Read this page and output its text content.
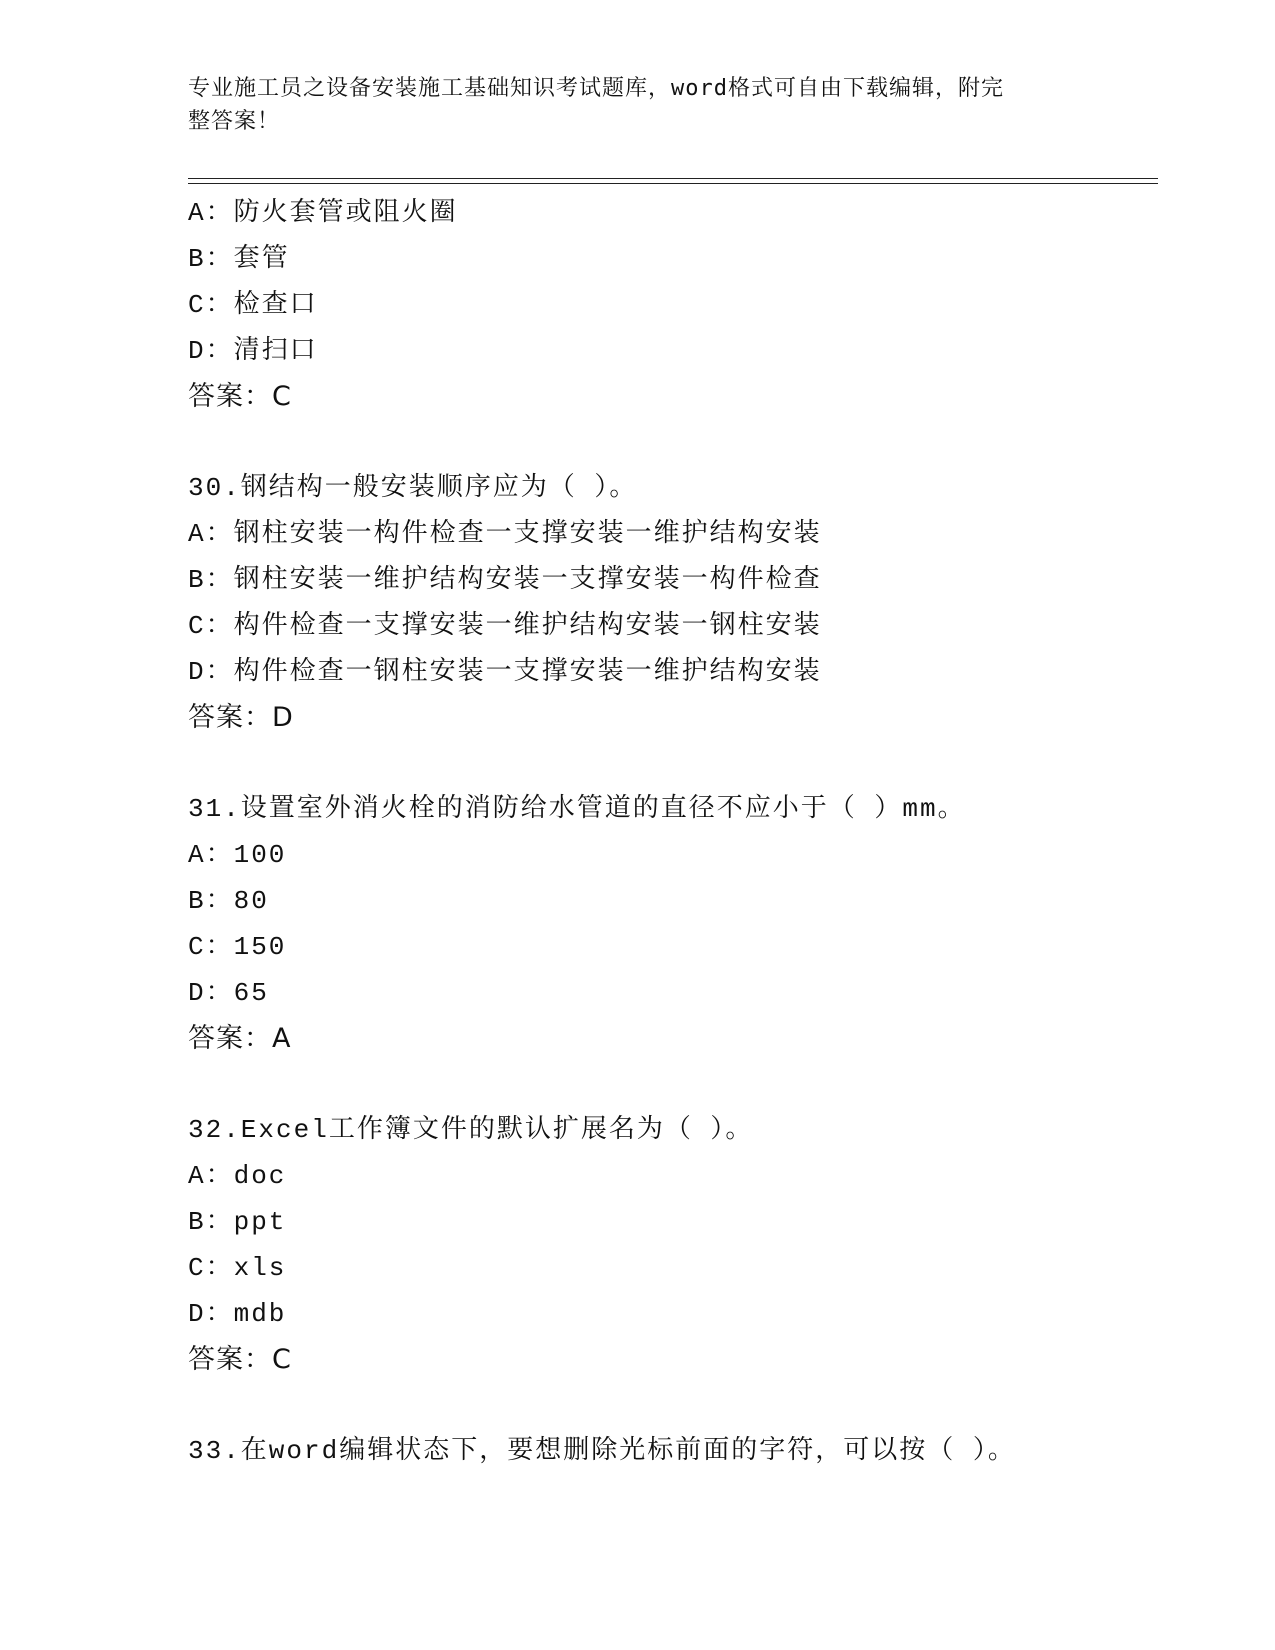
专业施工员之设备安装施工基础知识考试题库，word格式可自由下载编辑，附完
整答案！
A：防火套管或阻火圈
B：套管
C：检查口
D：清扫口
答案：C
30.钢结构一般安装顺序应为（ ）。
A：钢柱安装一构件检查一支撑安装一维护结构安装
B：钢柱安装一维护结构安装一支撑安装一构件检查
C：构件检查一支撑安装一维护结构安装一钢柱安装
D：构件检查一钢柱安装一支撑安装一维护结构安装
答案：D
31.设置室外消火栓的消防给水管道的直径不应小于（ ）mm。
A：100
B：80
C：150
D：65
答案：A
32.Excel工作簿文件的默认扩展名为（ ）。
A：doc
B：ppt
C：xls
D：mdb
答案：C
33.在word编辑状态下，要想删除光标前面的字符，可以按（ ）。
